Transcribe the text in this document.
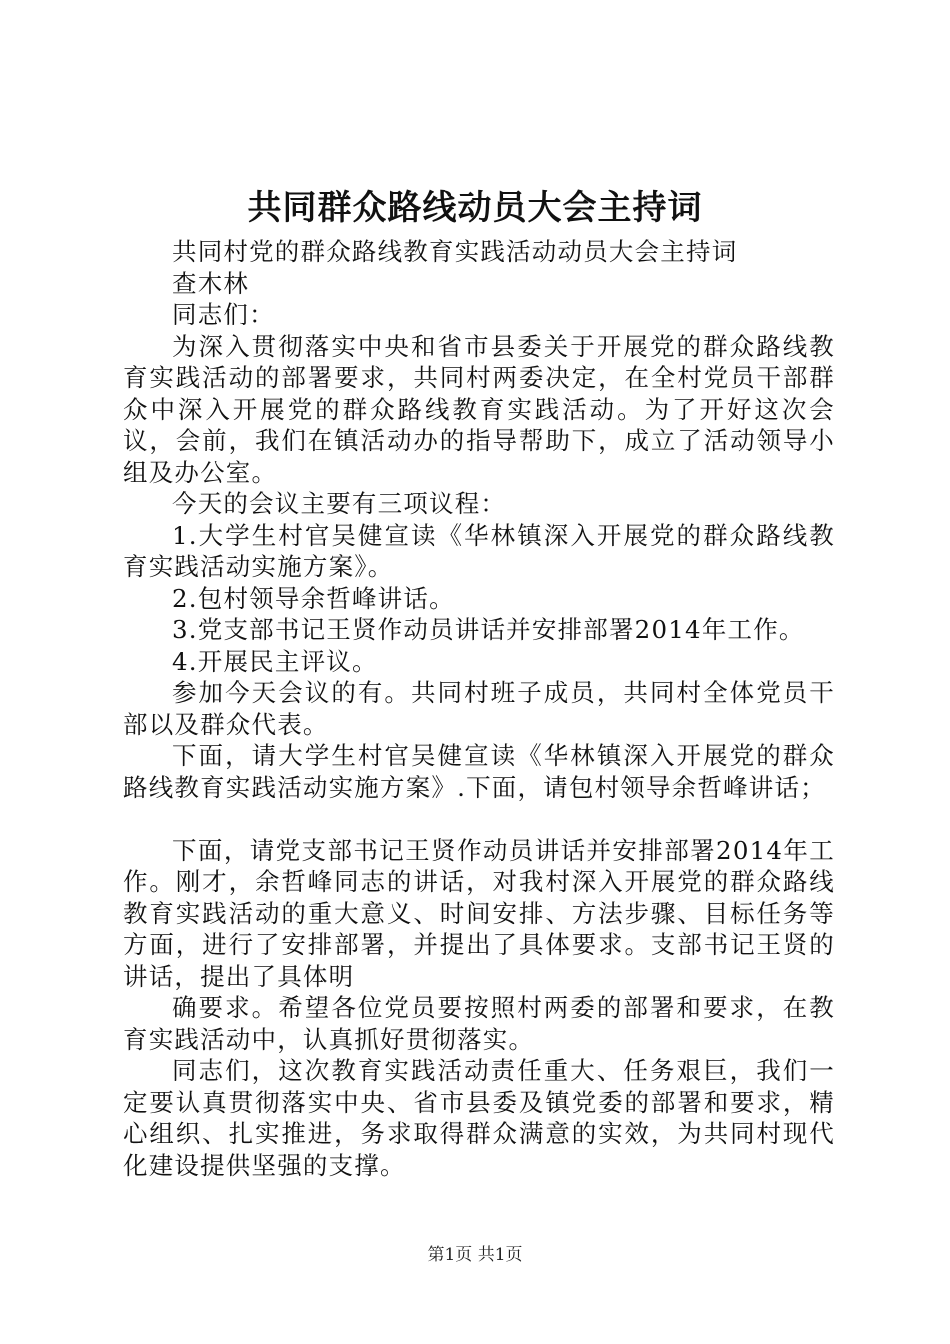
共同群众路线动员大会主持词

共同村党的群众路线教育实践活动动员大会主持词

查木林

同志们：

为深入贯彻落实中央和省市县委关于开展党的群众路线教育实践活动的部署要求，共同村两委决定，在全村党员干部群众中深入开展党的群众路线教育实践活动。为了开好这次会议，会前，我们在镇活动办的指导帮助下，成立了活动领导小组及办公室。

今天的会议主要有三项议程：

1.大学生村官吴健宣读《华林镇深入开展党的群众路线教育实践活动实施方案》。

2.包村领导余哲峰讲话。

3.党支部书记王贤作动员讲话并安排部署2014年工作。

4.开展民主评议。

参加今天会议的有。共同村班子成员，共同村全体党员干部以及群众代表。

下面，请大学生村官吴健宣读《华林镇深入开展党的群众路线教育实践活动实施方案》.下面，请包村领导余哲峰讲话；

下面，请党支部书记王贤作动员讲话并安排部署2014年工作。刚才，余哲峰同志的讲话，对我村深入开展党的群众路线教育实践活动的重大意义、时间安排、方法步骤、目标任务等方面，进行了安排部署，并提出了具体要求。支部书记王贤的讲话，提出了具体明

确要求。希望各位党员要按照村两委的部署和要求，在教育实践活动中，认真抓好贯彻落实。

同志们，这次教育实践活动责任重大、任务艰巨，我们一定要认真贯彻落实中央、省市县委及镇党委的部署和要求，精心组织、扎实推进，务求取得群众满意的实效，为共同村现代化建设提供坚强的支撑。

第1页 共1页
